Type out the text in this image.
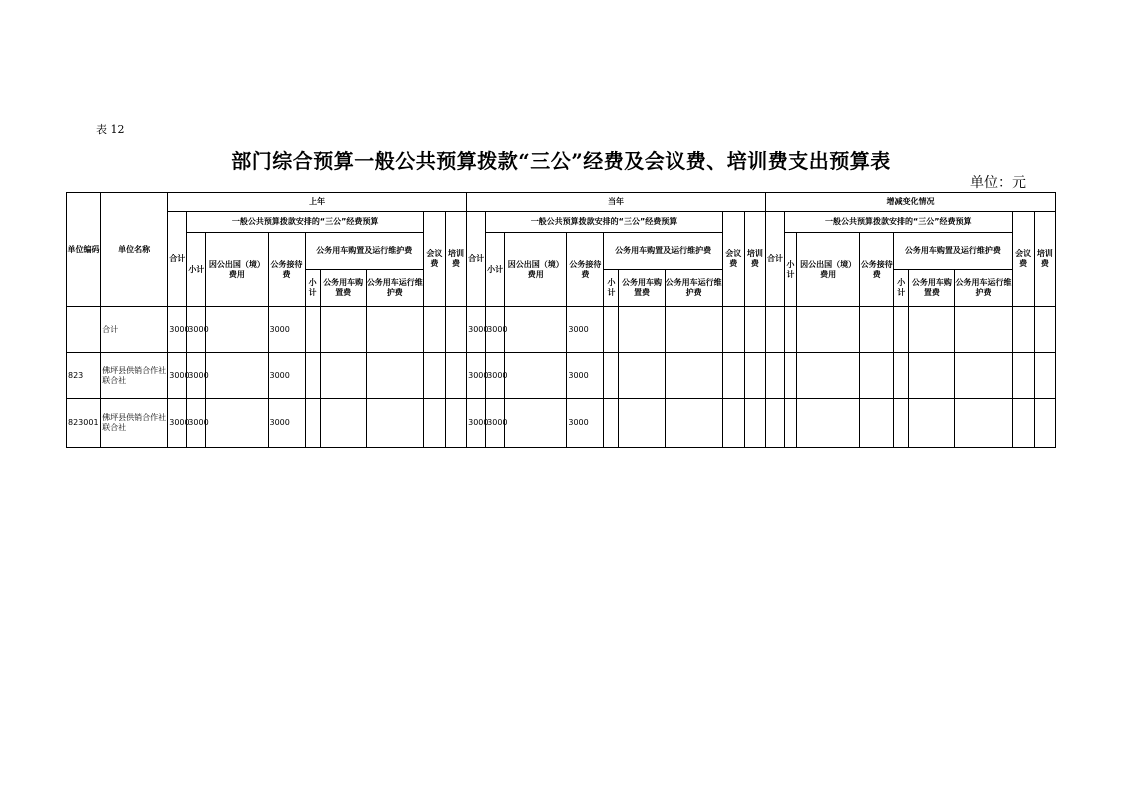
表 12
部门综合预算一般公共预算拨款“三公”经费及会议费、培训费支出预算表
单位：元
单位编码	单位名称	上年									当年									增减变化情况								
		合计	一般公共预算拨款安排的“三公”经费预算						会议费	培训费	合计	一般公共预算拨款安排的“三公”经费预算						会议费	培训费	合计	一般公共预算拨款安排的“三公”经费预算						会议费	培训费
			小计	因公出国（境）费用	公务接待费	公务用车购置及运行维护费						小计	因公出国（境）费用	公务接待费	公务用车购置及运行维护费						小计	因公出国（境）费用	公务接待费	公务用车购置及运行维护费				
						小计	公务用车购置费	公务用车运行维护费							小计	公务用车购置费	公务用车运行维护费							小计	公务用车购置费	公务用车运行维护费		
	合计	3000	3000		3000						3000	3000		3000														
823	佛坪县供销合作社联合社	3000	3000		3000						3000	3000		3000														
823001	佛坪县供销合作社联合社	3000	3000		3000						3000	3000		3000														
